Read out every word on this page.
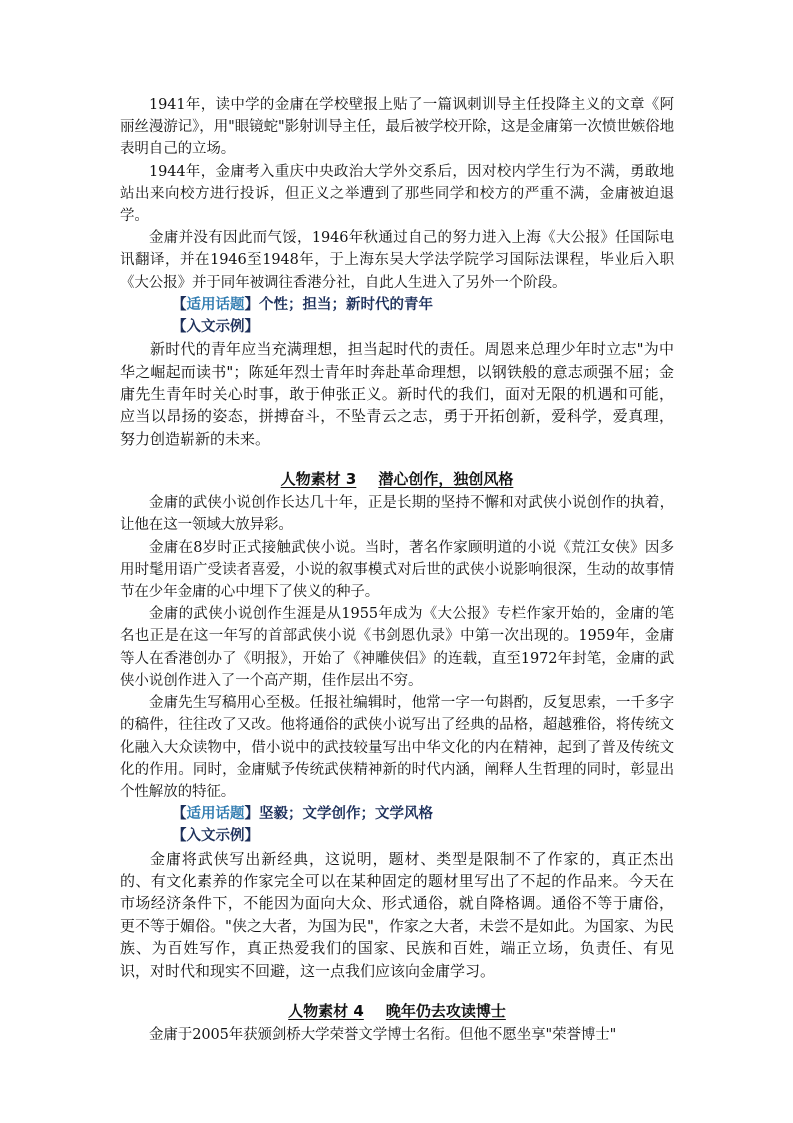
1941年，读中学的金庸在学校壁报上贴了一篇讽刺训导主任投降主义的文章《阿丽丝漫游记》，用"眼镜蛇"影射训导主任，最后被学校开除，这是金庸第一次愤世嫉俗地表明自己的立场。

1944年，金庸考入重庆中央政治大学外交系后，因对校内学生行为不满，勇敢地站出来向校方进行投诉，但正义之举遭到了那些同学和校方的严重不满，金庸被迫退学。

金庸并没有因此而气馁，1946年秋通过自己的努力进入上海《大公报》任国际电讯翻译，并在1946至1948年，于上海东吴大学法学院学习国际法课程，毕业后入职《大公报》并于同年被调往香港分社，自此人生进入了另外一个阶段。

【适用话题】个性；担当；新时代的青年

【入文示例】

新时代的青年应当充满理想，担当起时代的责任。周恩来总理少年时立志"为中华之崛起而读书"；陈延年烈士青年时奔赴革命理想，以钢铁般的意志顽强不屈；金庸先生青年时关心时事，敢于伸张正义。新时代的我们，面对无限的机遇和可能，应当以昂扬的姿态，拼搏奋斗，不坠青云之志，勇于开拓创新，爱科学，爱真理，努力创造崭新的未来。

人物素材 3 潜心创作，独创风格

金庸的武侠小说创作长达几十年，正是长期的坚持不懈和对武侠小说创作的执着，让他在这一领域大放异彩。

金庸在8岁时正式接触武侠小说。当时，著名作家顾明道的小说《荒江女侠》因多用时髦用语广受读者喜爱，小说的叙事模式对后世的武侠小说影响很深，生动的故事情节在少年金庸的心中埋下了侠义的种子。

金庸的武侠小说创作生涯是从1955年成为《大公报》专栏作家开始的，金庸的笔名也正是在这一年写的首部武侠小说《书剑恩仇录》中第一次出现的。1959年，金庸等人在香港创办了《明报》，开始了《神雕侠侣》的连载，直至1972年封笔，金庸的武侠小说创作进入了一个高产期，佳作层出不穷。

金庸先生写稿用心至极。任报社编辑时，他常一字一句斟酌，反复思索，一千多字的稿件，往往改了又改。他将通俗的武侠小说写出了经典的品格，超越雅俗，将传统文化融入大众读物中，借小说中的武技较量写出中华文化的内在精神，起到了普及传统文化的作用。同时，金庸赋予传统武侠精神新的时代内涵，阐释人生哲理的同时，彰显出个性解放的特征。

【适用话题】坚毅；文学创作；文学风格

【入文示例】

金庸将武侠写出新经典，这说明，题材、类型是限制不了作家的，真正杰出的、有文化素养的作家完全可以在某种固定的题材里写出了不起的作品来。今天在市场经济条件下，不能因为面向大众、形式通俗，就自降格调。通俗不等于庸俗，更不等于媚俗。"侠之大者，为国为民"，作家之大者，未尝不是如此。为国家、为民族、为百姓写作，真正热爱我们的国家、民族和百姓，端正立场，负责任、有见识，对时代和现实不回避，这一点我们应该向金庸学习。

人物素材 4 晚年仍去攻读博士

金庸于2005年获颁剑桥大学荣誉文学博士名衔。但他不愿坐享"荣誉博士"
